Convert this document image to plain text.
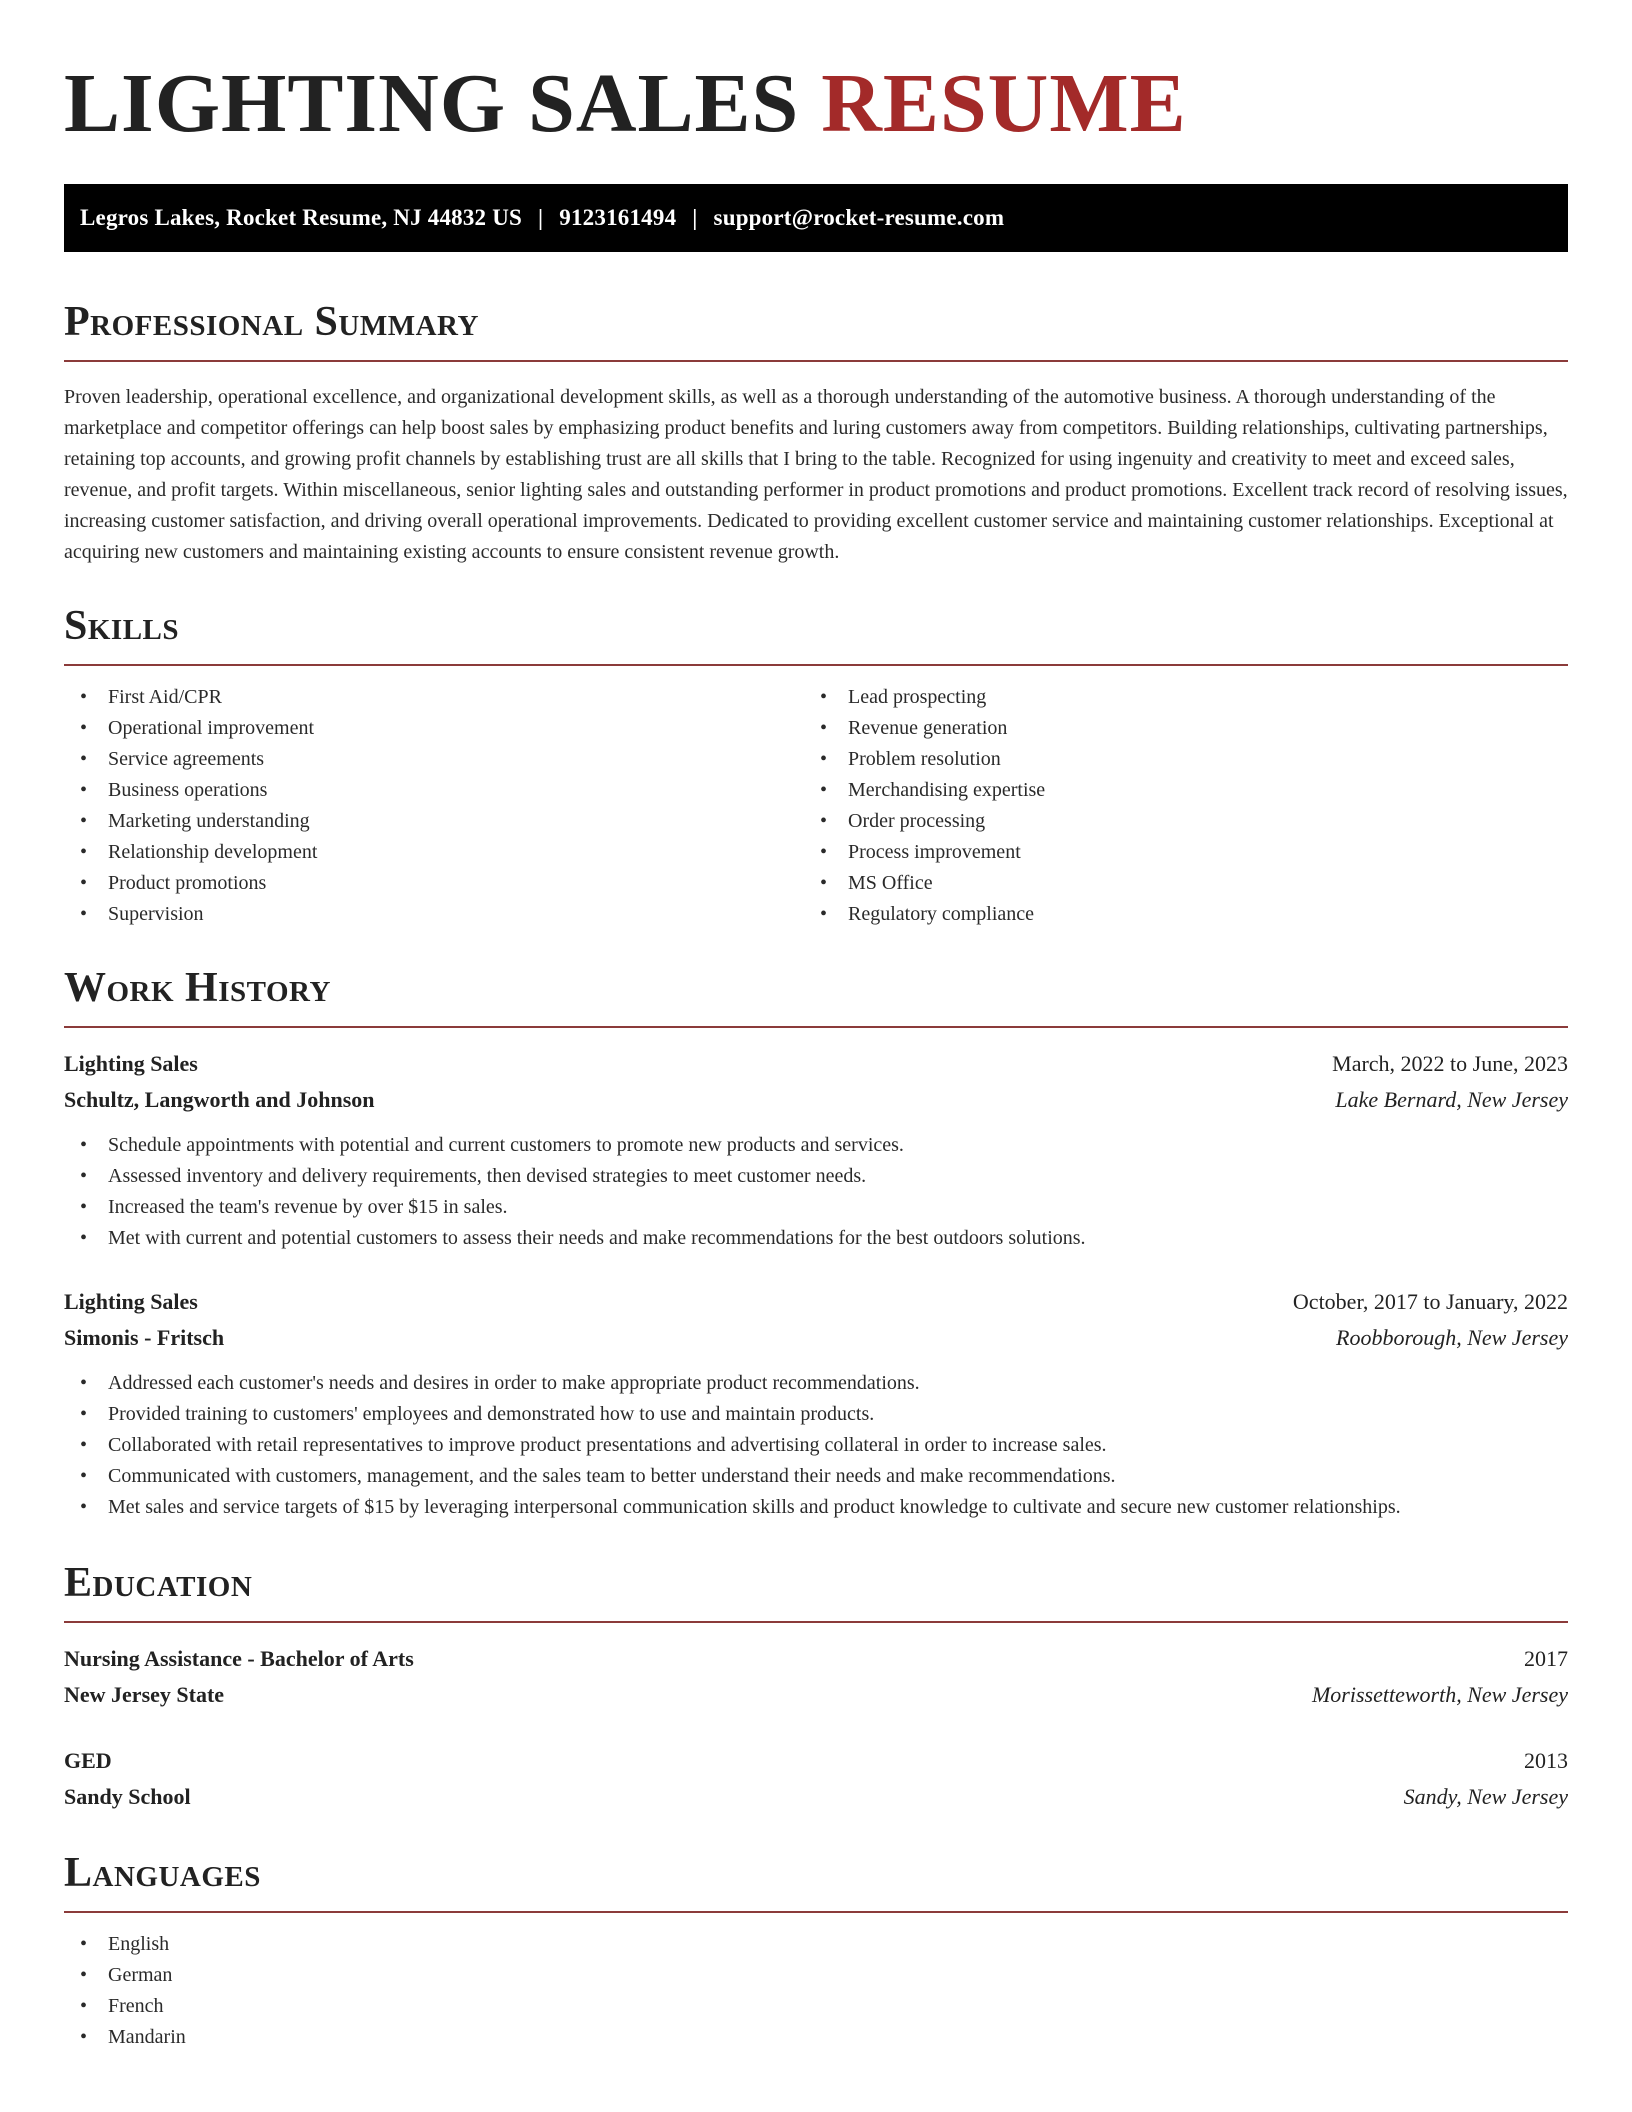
LIGHTING SALES RESUME
Legros Lakes, Rocket Resume, NJ 44832 US | 9123161494 | support@rocket-resume.com
Professional Summary

Proven leadership, operational excellence, and organizational development skills, as well as a thorough understanding of the automotive business. A thorough understanding of the marketplace and competitor offerings can help boost sales by emphasizing product benefits and luring customers away from competitors. Building relationships, cultivating partnerships, retaining top accounts, and growing profit channels by establishing trust are all skills that I bring to the table. Recognized for using ingenuity and creativity to meet and exceed sales, revenue, and profit targets. Within miscellaneous, senior lighting sales and outstanding performer in product promotions and product promotions. Excellent track record of resolving issues, increasing customer satisfaction, and driving overall operational improvements. Dedicated to providing excellent customer service and maintaining customer relationships. Exceptional at acquiring new customers and maintaining existing accounts to ensure consistent revenue growth.

Skills
• First Aid/CPR
• Operational improvement
• Service agreements
• Business operations
• Marketing understanding
• Relationship development
• Product promotions
• Supervision
• Lead prospecting
• Revenue generation
• Problem resolution
• Merchandising expertise
• Order processing
• Process improvement
• MS Office
• Regulatory compliance
Work History
Lighting Sales	March, 2022 to June, 2023
Schultz, Langworth and Johnson	Lake Bernard, New Jersey
• Schedule appointments with potential and current customers to promote new products and services.
• Assessed inventory and delivery requirements, then devised strategies to meet customer needs.
• Increased the team's revenue by over $15 in sales.
• Met with current and potential customers to assess their needs and make recommendations for the best outdoors solutions.
Lighting Sales	October, 2017 to January, 2022
Simonis - Fritsch	Roobborough, New Jersey
• Addressed each customer's needs and desires in order to make appropriate product recommendations.
• Provided training to customers' employees and demonstrated how to use and maintain products.
• Collaborated with retail representatives to improve product presentations and advertising collateral in order to increase sales.
• Communicated with customers, management, and the sales team to better understand their needs and make recommendations.
• Met sales and service targets of $15 by leveraging interpersonal communication skills and product knowledge to cultivate and secure new customer relationships.
Education
Nursing Assistance - Bachelor of Arts	2017
New Jersey State	Morissetteworth, New Jersey
GED	2013
Sandy School	Sandy, New Jersey
Languages
• English
• German
• French
• Mandarin
